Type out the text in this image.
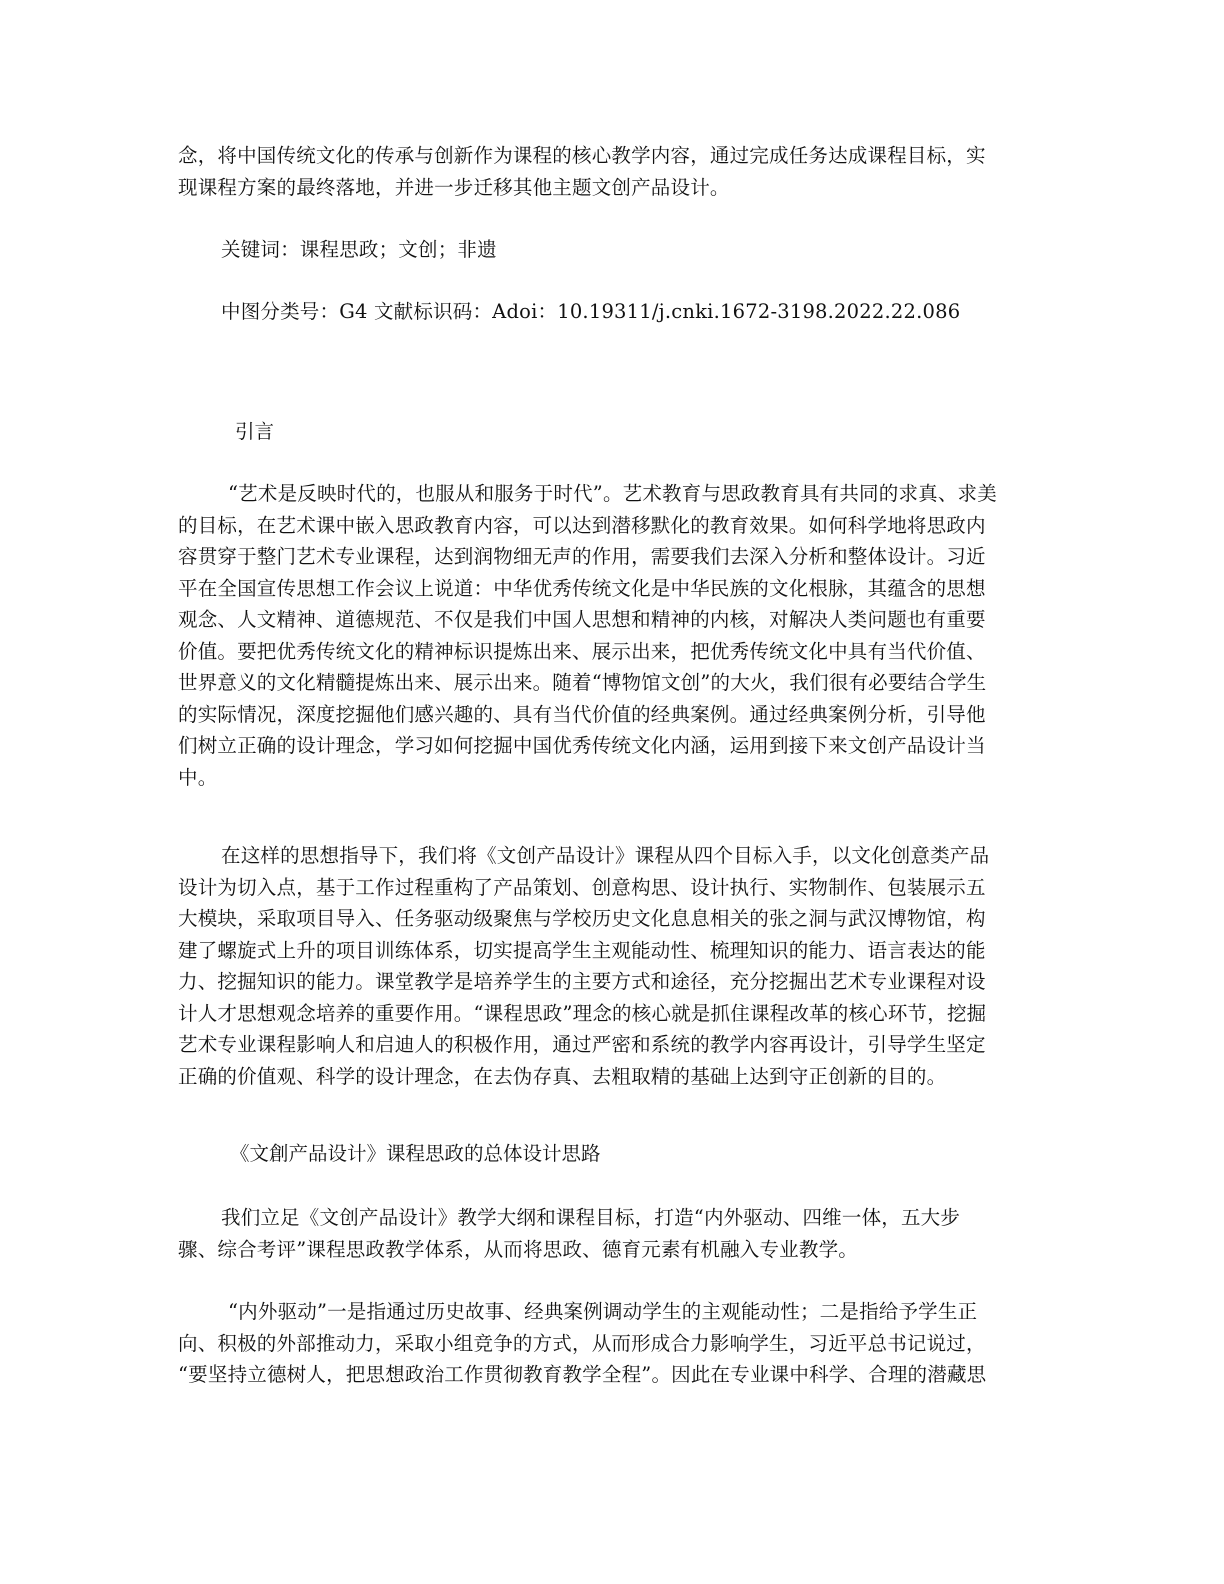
念，将中国传统文化的传承与创新作为课程的核心教学内容，通过完成任务达成课程目标，实
现课程方案的最终落地，并进一步迁移其他主题文创产品设计。

关键词：课程思政；文创；非遗

中图分类号：G4 文献标识码：Adoi：10.19311/j.cnki.1672-3198.2022.22.086

引言

“艺术是反映时代的，也服从和服务于时代”。艺术教育与思政教育具有共同的求真、求美
的目标，在艺术课中嵌入思政教育内容，可以达到潜移默化的教育效果。如何科学地将思政内
容贯穿于整门艺术专业课程，达到润物细无声的作用，需要我们去深入分析和整体设计。习近
平在全国宣传思想工作会议上说道：中华优秀传统文化是中华民族的文化根脉，其蕴含的思想
观念、人文精神、道德规范、不仅是我们中国人思想和精神的内核，对解决人类问题也有重要
价值。要把优秀传统文化的精神标识提炼出来、展示出来，把优秀传统文化中具有当代价值、
世界意义的文化精髓提炼出来、展示出来。随着“博物馆文创”的大火，我们很有必要结合学生
的实际情况，深度挖掘他们感兴趣的、具有当代价值的经典案例。通过经典案例分析，引导他
们树立正确的设计理念，学习如何挖掘中国优秀传统文化内涵，运用到接下来文创产品设计当
中。

在这样的思想指导下，我们将《文创产品设计》课程从四个目标入手，以文化创意类产品
设计为切入点，基于工作过程重构了产品策划、创意构思、设计执行、实物制作、包装展示五
大模块，采取项目导入、任务驱动级聚焦与学校历史文化息息相关的张之洞与武汉博物馆，构
建了螺旋式上升的项目训练体系，切实提高学生主观能动性、梳理知识的能力、语言表达的能
力、挖掘知识的能力。课堂教学是培养学生的主要方式和途径，充分挖掘出艺术专业课程对设
计人才思想观念培养的重要作用。“课程思政”理念的核心就是抓住课程改革的核心环节，挖掘
艺术专业课程影响人和启迪人的积极作用，通过严密和系统的教学内容再设计，引导学生坚定
正确的价值观、科学的设计理念，在去伪存真、去粗取精的基础上达到守正创新的目的。

《文創产品设计》课程思政的总体设计思路

我们立足《文创产品设计》教学大纲和课程目标，打造“内外驱动、四维一体，五大步
骤、综合考评”课程思政教学体系，从而将思政、德育元素有机融入专业教学。

“内外驱动”一是指通过历史故事、经典案例调动学生的主观能动性；二是指给予学生正
向、积极的外部推动力，采取小组竞争的方式，从而形成合力影响学生，习近平总书记说过，
“要坚持立德树人，把思想政治工作贯彻教育教学全程”。因此在专业课中科学、合理的潜藏思
